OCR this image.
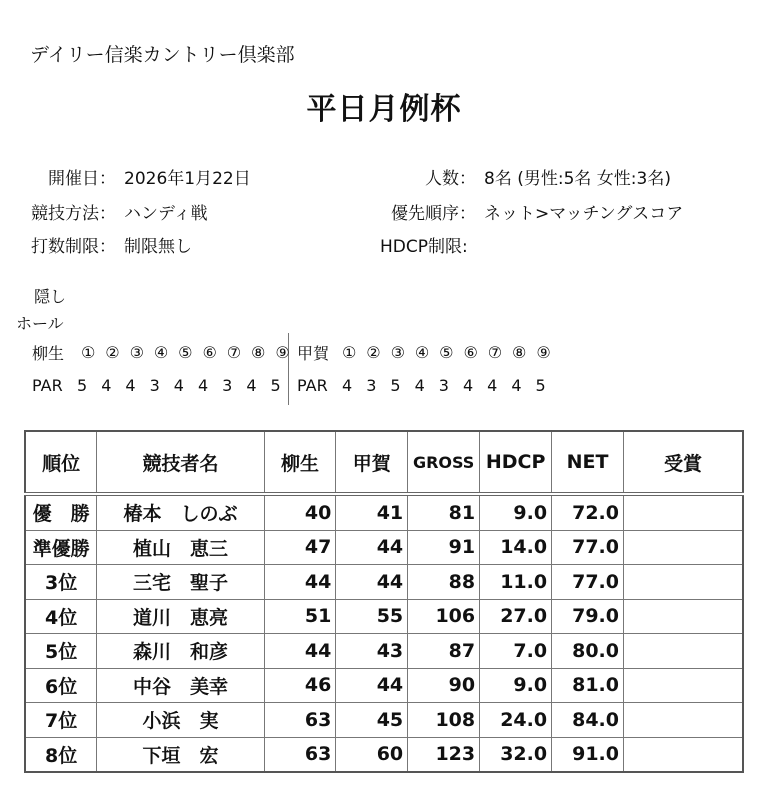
デイリー信楽カントリー倶楽部
平日月例杯
開催日： 2026年1月22日	人数： 8名 (男性:5名 女性:3名)
競技方法： ハンディ戦	優先順序： ネット>マッチングスコア
打数制限： 制限無し	HDCP制限:
隠し
ホール
柳生	① ② ③ ④ ⑤ ⑥ ⑦ ⑧ ⑨ 甲賀 ① ② ③ ④ ⑤ ⑥ ⑦ ⑧ ⑨
PAR 5 4 4 3 4 4 3 4 5	PAR 4 3 5 4 3 4 4 4 5
順位	競技者名	柳生	甲賀	GROSS	HDCP	NET	受賞
優　勝	椿本　しのぶ	40	41	81	9.0	72.0	
準優勝	植山　恵三	47	44	91	14.0	77.0	
3位	三宅　聖子	44	44	88	11.0	77.0	
4位	道川　恵亮	51	55	106	27.0	79.0	
5位	森川　和彦	44	43	87	7.0	80.0	
6位	中谷　美幸	46	44	90	9.0	81.0	
7位	小浜　実	63	45	108	24.0	84.0	
8位	下垣　宏	63	60	123	32.0	91.0	
